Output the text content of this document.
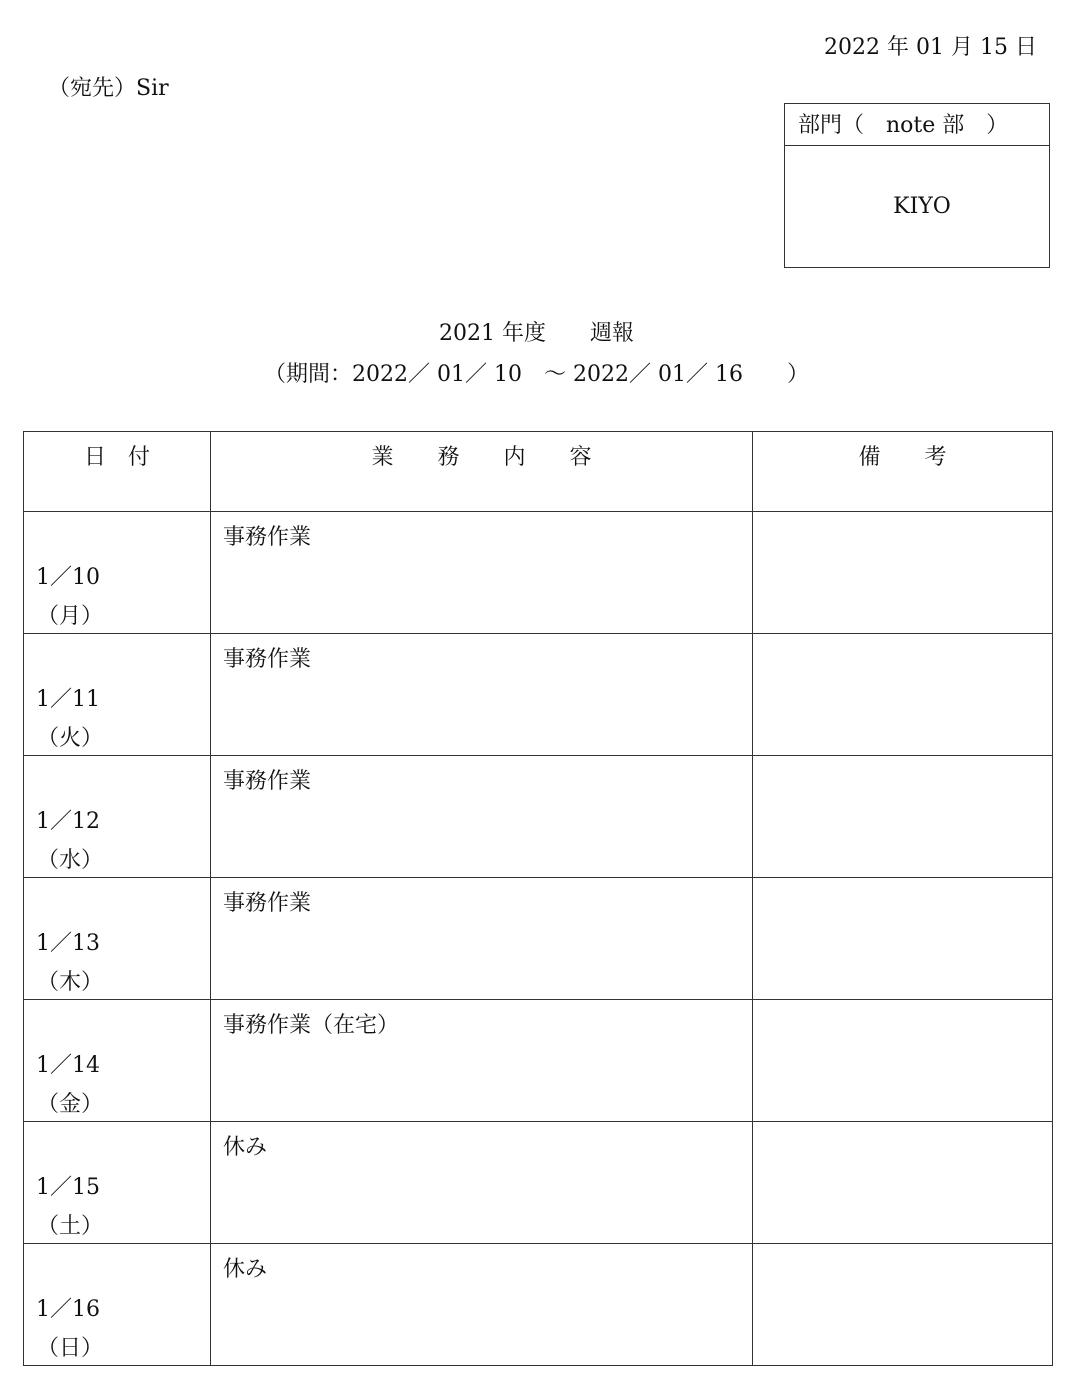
2022 年 01 月 15 日
（宛先）Sir
部門（　note 部　）
KIYO
2021 年度　　週報
（期間：2022／ 01／ 10　～ 2022／ 01／ 16　　）
日　付	業　　務　　内　　容	備　　考

1／10
（月）	事務作業	

1／11
（火）	事務作業	

1／12
（水）	事務作業	

1／13
（木）	事務作業	

1／14
（金）	事務作業（在宅）	

1／15
（土）	休み	

1／16
（日）	休み	
